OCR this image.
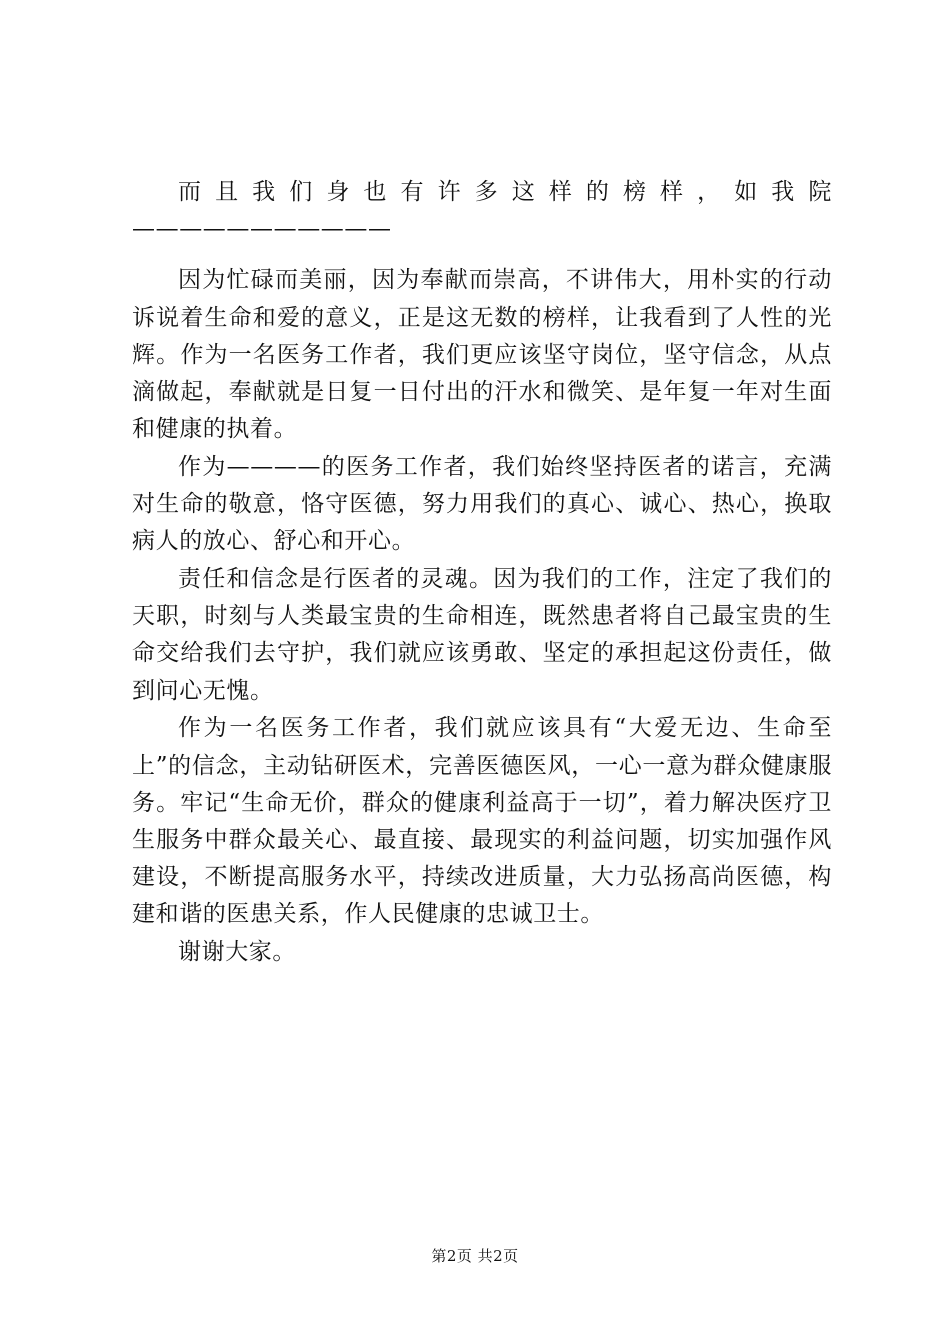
而且我们身也有许多这样的榜样，如我院———————————

因为忙碌而美丽，因为奉献而崇高，不讲伟大，用朴实的行动诉说着生命和爱的意义，正是这无数的榜样，让我看到了人性的光辉。作为一名医务工作者，我们更应该坚守岗位，坚守信念，从点滴做起，奉献就是日复一日付出的汗水和微笑、是年复一年对生面和健康的执着。

作为————的医务工作者，我们始终坚持医者的诺言，充满对生命的敬意，恪守医德，努力用我们的真心、诚心、热心，换取病人的放心、舒心和开心。

责任和信念是行医者的灵魂。因为我们的工作，注定了我们的天职，时刻与人类最宝贵的生命相连，既然患者将自己最宝贵的生命交给我们去守护，我们就应该勇敢、坚定的承担起这份责任，做到问心无愧。

作为一名医务工作者，我们就应该具有“大爱无边、生命至上”的信念，主动钻研医术，完善医德医风，一心一意为群众健康服务。牢记“生命无价，群众的健康利益高于一切”，着力解决医疗卫生服务中群众最关心、最直接、最现实的利益问题，切实加强作风建设，不断提高服务水平，持续改进质量，大力弘扬高尚医德，构建和谐的医患关系，作人民健康的忠诚卫士。

谢谢大家。

第2页 共2页
